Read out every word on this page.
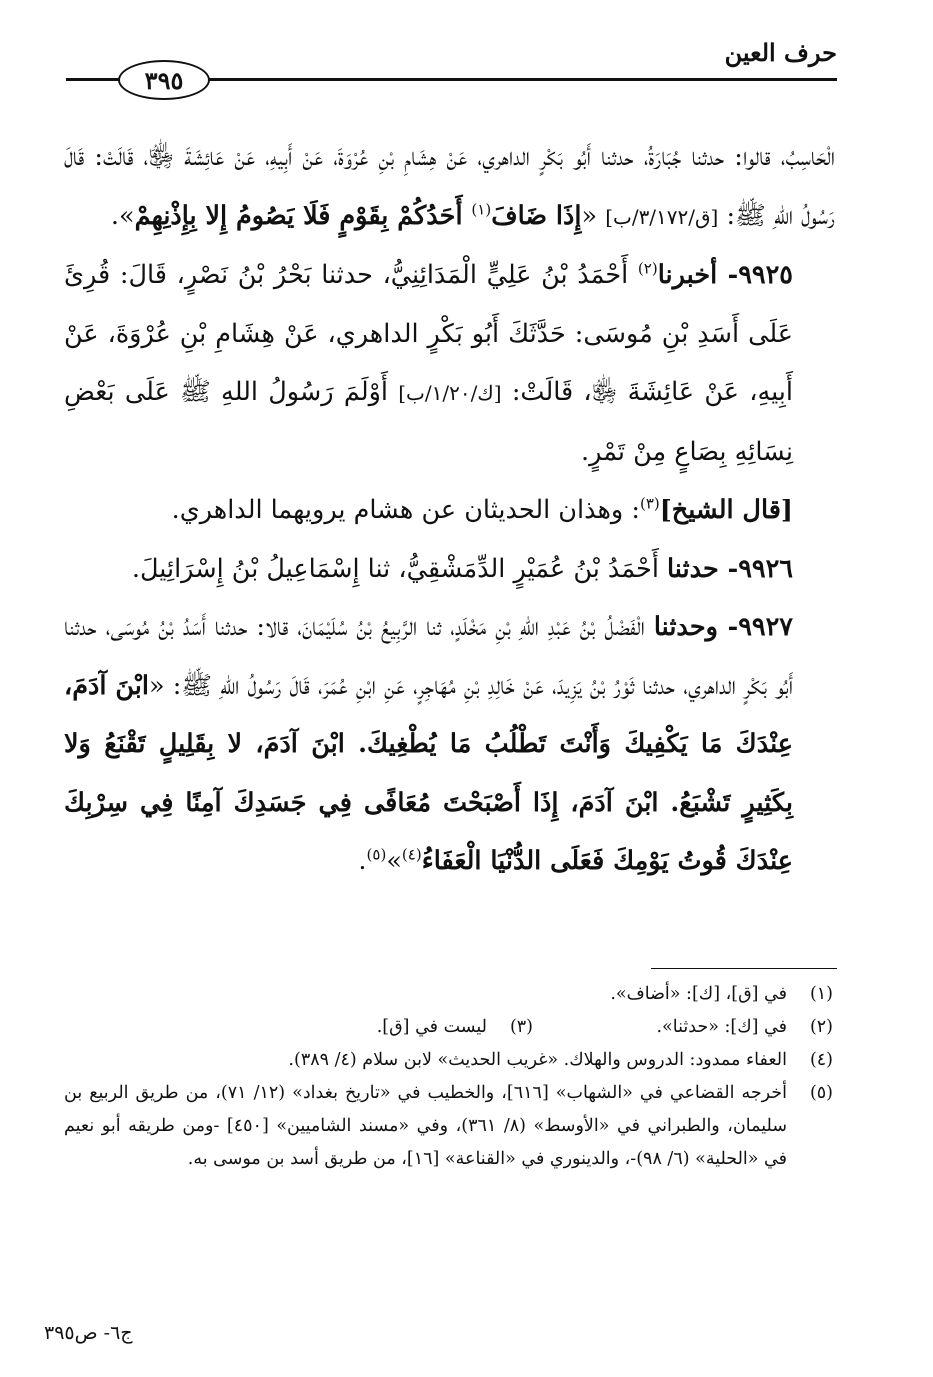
حرف العين
٣٩٥

الْحَاسِبُ، قالوا: حدثنا جُبَارَةُ، حدثنا أَبُو بَكْرٍ الداهري، عَنْ هِشَامِ بْنِ عُرْوَةَ، عَنْ أَبِيهِ، عَنْ عَائِشَةَ ﵂، قَالَتْ: قَالَ رَسُولُ اللهِ ﷺ: [ق/٣/١٧٢/ب] «إِذَا ضَافَ$^{(١)}$ أَحَدُكُمْ بِقَوْمٍ فَلَا يَصُومُ إِلا بِإِذْنِهِمْ».

٩٩٢٥- أخبرنا$^{(٢)}$ أَحْمَدُ بْنُ عَلِيٍّ الْمَدَائِنِيُّ، حدثنا بَحْرُ بْنُ نَصْرٍ، قَالَ: قُرِئَ عَلَى أَسَدِ بْنِ مُوسَى: حَدَّثَكَ أَبُو بَكْرٍ الداهري، عَنْ هِشَامِ بْنِ عُرْوَةَ، عَنْ أَبِيهِ، عَنْ عَائِشَةَ ﵂، قَالَتْ: [ك/١/٢٠/ب] أَوْلَمَ رَسُولُ اللهِ ﷺ عَلَى بَعْضِ نِسَائِهِ بِصَاعٍ مِنْ تَمْرٍ.

[قال الشيخ]$^{(٣)}$: وهذان الحديثان عن هشام يرويهما الداهري.

٩٩٢٦- حدثنا أَحْمَدُ بْنُ عُمَيْرٍ الدِّمَشْقِيُّ، ثنا إِسْمَاعِيلُ بْنُ إِسْرَائِيلَ.

٩٩٢٧- وحدثنا الْفَضْلُ بْنُ عَبْدِ اللهِ بْنِ مَخْلَدٍ، ثنا الرَّبِيعُ بْنُ سُلَيْمَانَ، قالا: حدثنا أَسَدُ بْنُ مُوسَى، حدثنا أَبُو بَكْرٍ الداهري، حدثنا ثَوْرُ بْنُ يَزِيدَ، عَنْ خَالِدِ بْنِ مُهَاجِرٍ، عَنِ ابْنِ عُمَرَ، قَالَ رَسُولُ اللهِ ﷺ: «ابْنَ آدَمَ، عِنْدَكَ مَا يَكْفِيكَ وَأَنْتَ تَطْلُبُ مَا يُطْغِيكَ. ابْنَ آدَمَ، لا بِقَلِيلٍ تَقْنَعُ وَلا بِكَثِيرٍ تَشْبَعُ. ابْنَ آدَمَ، إِذَا أَصْبَحْتَ مُعَافًى فِي جَسَدِكَ آمِنًا فِي سِرْبِكَ عِنْدَكَ قُوتُ يَوْمِكَ فَعَلَى الدُّنْيَا الْعَفَاءُ$^{(٤)}$»$^{(٥)}$.

(١)
في [ق]، [ك]: «أضاف».
(٢)
في [ك]: «حدثنا».
(٣)
ليست في [ق].
(٤)
العفاء ممدود: الدروس والهلاك. «غريب الحديث» لابن سلام (٤/ ٣٨٩).
(٥)
أخرجه القضاعي في «الشهاب» [٦١٦]، والخطيب في «تاريخ بغداد» (١٢/ ٧١)، من طريق الربيع بن سليمان، والطبراني في «الأوسط» (٨/ ٣٦١)، وفي «مسند الشاميين» [٤٥٠] -ومن طريقه أبو نعيم في «الحلية» (٦/ ٩٨)-، والدينوري في «القناعة» [١٦]، من طريق أسد بن موسى به.
ج٦- ص٣٩٥
